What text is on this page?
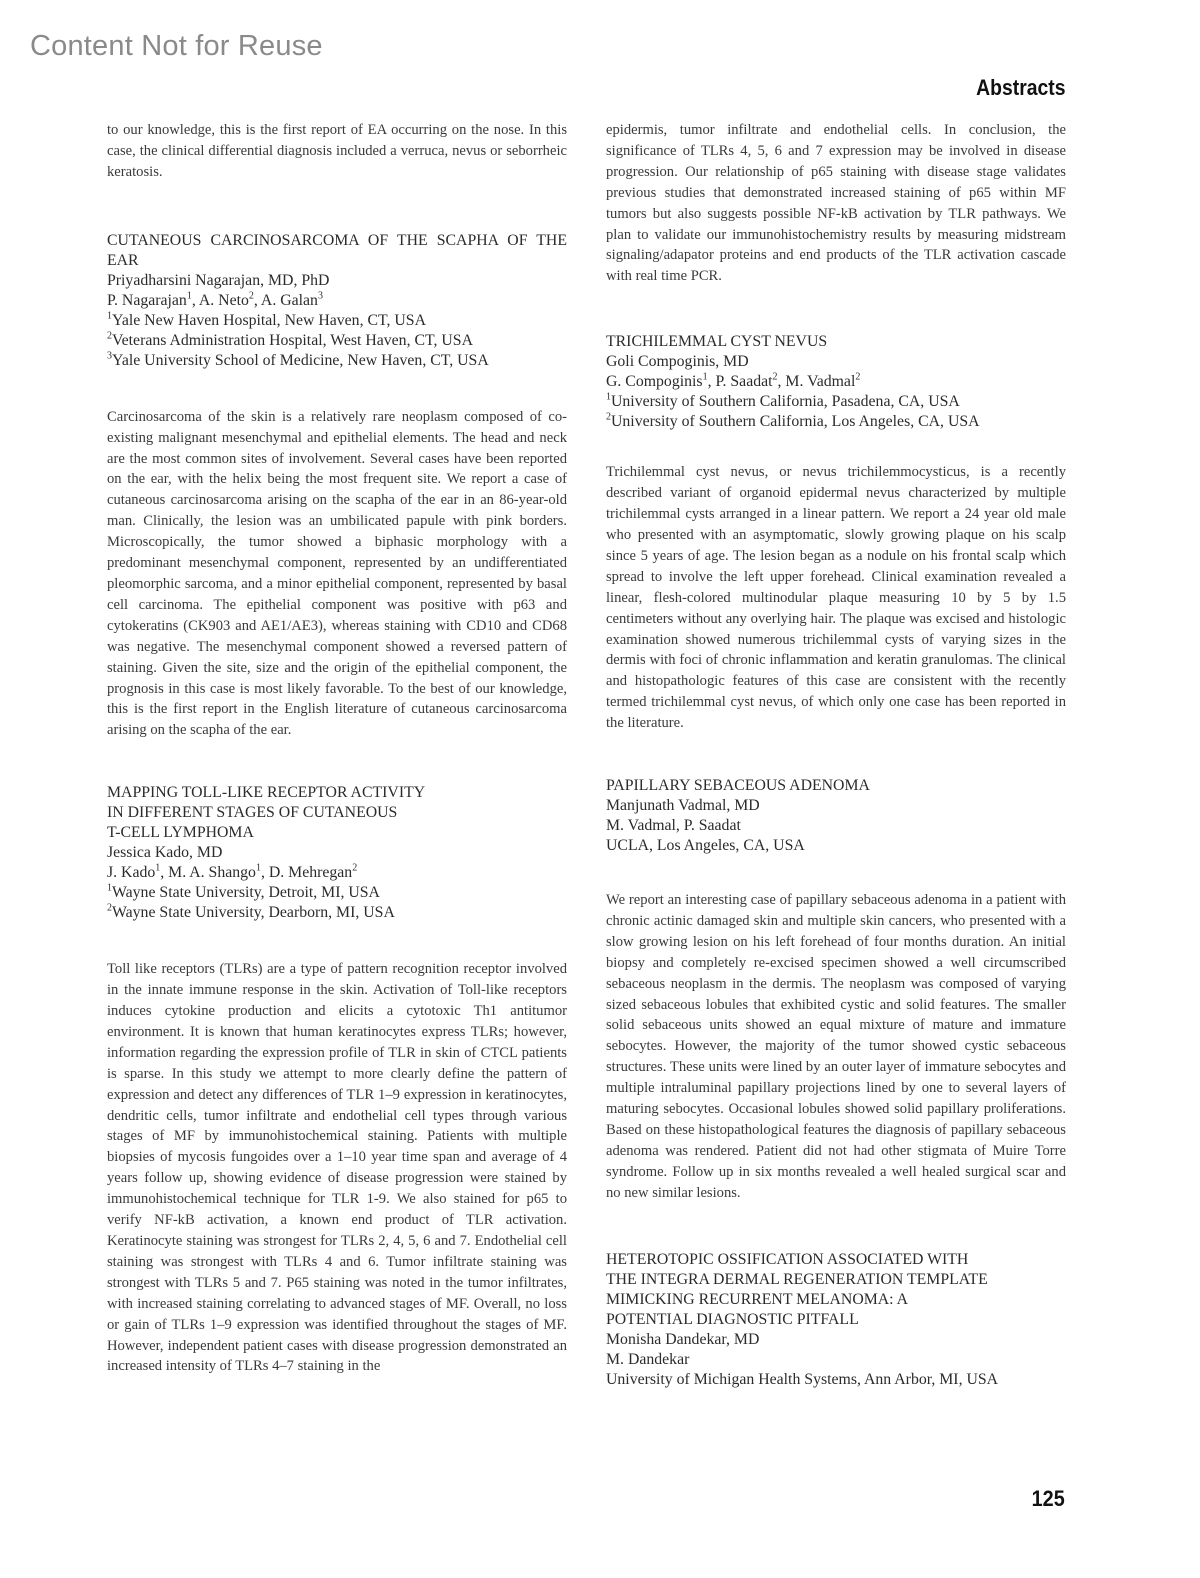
Content Not for Reuse
Abstracts

to our knowledge, this is the first report of EA occurring on the nose. In this case, the clinical differential diagnosis included a verruca, nevus or seborrheic keratosis.

CUTANEOUS CARCINOSARCOMA OF THE SCAPHA OF THE EAR
Priyadharsini Nagarajan, MD, PhD
P. Nagarajan$^1$, A. Neto$^2$, A. Galan$^3$
$^1$Yale New Haven Hospital, New Haven, CT, USA
$^2$Veterans Administration Hospital, West Haven, CT, USA
$^3$Yale University School of Medicine, New Haven, CT, USA

Carcinosarcoma of the skin is a relatively rare neoplasm composed of co-existing malignant mesenchymal and epithelial elements. The head and neck are the most common sites of involvement. Several cases have been reported on the ear, with the helix being the most frequent site. We report a case of cutaneous carcinosarcoma arising on the scapha of the ear in an 86-year-old man. Clinically, the lesion was an umbilicated papule with pink borders. Microscopically, the tumor showed a biphasic morphology with a predominant mesenchymal component, represented by an undifferentiated pleomorphic sarcoma, and a minor epithelial component, represented by basal cell carcinoma. The epithelial component was positive with p63 and cytokeratins (CK903 and AE1/AE3), whereas staining with CD10 and CD68 was negative. The mesenchymal component showed a reversed pattern of staining. Given the site, size and the origin of the epithelial component, the prognosis in this case is most likely favorable. To the best of our knowledge, this is the first report in the English literature of cutaneous carcinosarcoma arising on the scapha of the ear.

MAPPING TOLL-LIKE RECEPTOR ACTIVITY
IN DIFFERENT STAGES OF CUTANEOUS
T-CELL LYMPHOMA
Jessica Kado, MD
J. Kado$^1$, M. A. Shango$^1$, D. Mehregan$^2$
$^1$Wayne State University, Detroit, MI, USA
$^2$Wayne State University, Dearborn, MI, USA

Toll like receptors (TLRs) are a type of pattern recognition receptor involved in the innate immune response in the skin. Activation of Toll-like receptors induces cytokine production and elicits a cytotoxic Th1 antitumor environment. It is known that human keratinocytes express TLRs; however, information regarding the expression profile of TLR in skin of CTCL patients is sparse. In this study we attempt to more clearly define the pattern of expression and detect any differences of TLR 1–9 expression in keratinocytes, dendritic cells, tumor infiltrate and endothelial cell types through various stages of MF by immunohistochemical staining. Patients with multiple biopsies of mycosis fungoides over a 1–10 year time span and average of 4 years follow up, showing evidence of disease progression were stained by immunohistochemical technique for TLR 1-9. We also stained for p65 to verify NF-kB activation, a known end product of TLR activation. Keratinocyte staining was strongest for TLRs 2, 4, 5, 6 and 7. Endothelial cell staining was strongest with TLRs 4 and 6. Tumor infiltrate staining was strongest with TLRs 5 and 7. P65 staining was noted in the tumor infiltrates, with increased staining correlating to advanced stages of MF. Overall, no loss or gain of TLRs 1–9 expression was identified throughout the stages of MF. However, independent patient cases with disease progression demonstrated an increased intensity of TLRs 4–7 staining in the

epidermis, tumor infiltrate and endothelial cells. In conclusion, the significance of TLRs 4, 5, 6 and 7 expression may be involved in disease progression. Our relationship of p65 staining with disease stage validates previous studies that demonstrated increased staining of p65 within MF tumors but also suggests possible NF-kB activation by TLR pathways. We plan to validate our immunohistochemistry results by measuring midstream signaling/adapator proteins and end products of the TLR activation cascade with real time PCR.

TRICHILEMMAL CYST NEVUS
Goli Compoginis, MD
G. Compoginis$^1$, P. Saadat$^2$, M. Vadmal$^2$
$^1$University of Southern California, Pasadena, CA, USA
$^2$University of Southern California, Los Angeles, CA, USA

Trichilemmal cyst nevus, or nevus trichilemmocysticus, is a recently described variant of organoid epidermal nevus characterized by multiple trichilemmal cysts arranged in a linear pattern. We report a 24 year old male who presented with an asymptomatic, slowly growing plaque on his scalp since 5 years of age. The lesion began as a nodule on his frontal scalp which spread to involve the left upper forehead. Clinical examination revealed a linear, flesh-colored multinodular plaque measuring 10 by 5 by 1.5 centimeters without any overlying hair. The plaque was excised and histologic examination showed numerous trichilemmal cysts of varying sizes in the dermis with foci of chronic inflammation and keratin granulomas. The clinical and histopathologic features of this case are consistent with the recently termed trichilemmal cyst nevus, of which only one case has been reported in the literature.

PAPILLARY SEBACEOUS ADENOMA
Manjunath Vadmal, MD
M. Vadmal, P. Saadat
UCLA, Los Angeles, CA, USA

We report an interesting case of papillary sebaceous adenoma in a patient with chronic actinic damaged skin and multiple skin cancers, who presented with a slow growing lesion on his left forehead of four months duration. An initial biopsy and completely re-excised specimen showed a well circumscribed sebaceous neoplasm in the dermis. The neoplasm was composed of varying sized sebaceous lobules that exhibited cystic and solid features. The smaller solid sebaceous units showed an equal mixture of mature and immature sebocytes. However, the majority of the tumor showed cystic sebaceous structures. These units were lined by an outer layer of immature sebocytes and multiple intraluminal papillary projections lined by one to several layers of maturing sebocytes. Occasional lobules showed solid papillary proliferations. Based on these histopathological features the diagnosis of papillary sebaceous adenoma was rendered. Patient did not had other stigmata of Muire Torre syndrome. Follow up in six months revealed a well healed surgical scar and no new similar lesions.

HETEROTOPIC OSSIFICATION ASSOCIATED WITH
THE INTEGRA DERMAL REGENERATION TEMPLATE
MIMICKING RECURRENT MELANOMA: A
POTENTIAL DIAGNOSTIC PITFALL
Monisha Dandekar, MD
M. Dandekar
University of Michigan Health Systems, Ann Arbor, MI, USA
125
